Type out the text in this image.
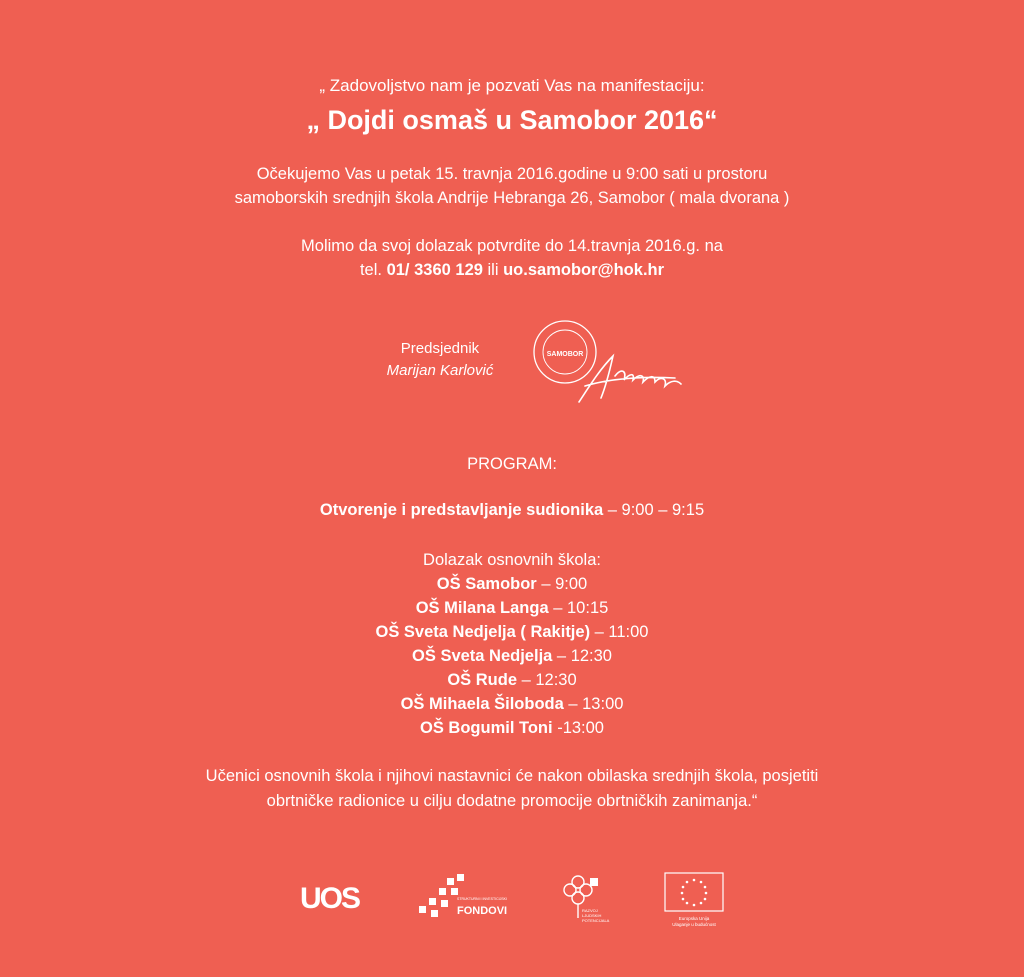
„ Zadovoljstvo nam je pozvati Vas na manifestaciju:
„ Dojdi osmaš u Samobor 2016“
Očekujemo Vas u petak 15. travnja 2016.godine u 9:00 sati u prostoru
samoborskih srednjih škola Andrije Hebranga 26, Samobor ( mala dvorana )
Molimo da svoj dolazak potvrdite do 14.travnja 2016.g. na
tel. 01/ 3360 129 ili uo.samobor@hok.hr
Predsjednik
Marijan Karlović
SAMOBOR
PROGRAM:
Otvorenje i predstavljanje sudionika – 9:00 – 9:15
Dolazak osnovnih škola:
OŠ Samobor – 9:00
OŠ Milana Langa – 10:15
OŠ Sveta Nedjelja ( Rakitje) – 11:00
OŠ Sveta Nedjelja – 12:30
OŠ Rude – 12:30
OŠ Mihaela Šiloboda – 13:00
OŠ Bogumil Toni -13:00
Učenici osnovnih škola i njihovi nastavnici će nakon obilaska srednjih škola, posjetiti
obrtničke radionice u cilju dodatne promocije obrtničkih zanimanja.“
UOS	STRUKTURNI I INVESTICIJSKI
FONDOVI	RAZVOJ
LJUDSKIH
POTENCIJALA	Europska Unija
Ulaganje u budućnost
